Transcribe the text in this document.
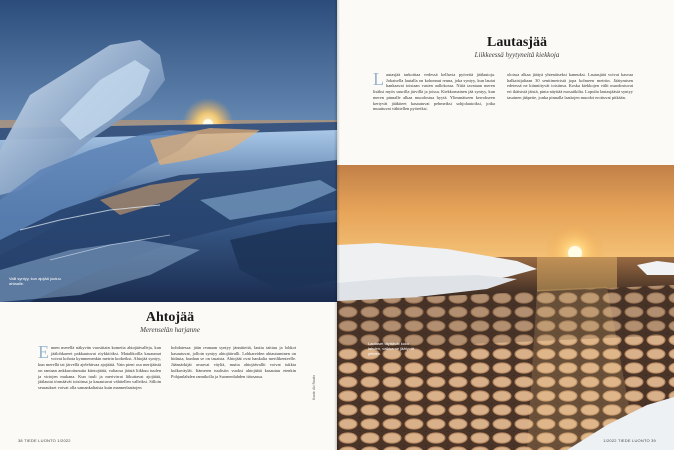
Valli syntyy, kun ajojää joutuu ahtaalle.
Ahtojää
Merenselän harjanne
Ennen merellä näkyvän vuosittain komeita ahtojäävalleja, kun jäälohkareet pakkautuvat röykkiöiksi. Matalikoilla kasaumat voivat kohota kymmenenkin metrin korkeiksi. Ahtojää syntyy, kun merellä tai järvellä ajelehtivaa ajojäätä. Vain pieni osa merijäästä on rantaan ankkuroitunutta kiintojäätä, valtaosa jäästä liikkuu tuulen ja virtojen mukana. Kun tuuli ja merivirrat liikuttavat ajojäätä, jäälautat törmäävät toisiinsa ja kasautuvat vähitellen valleiksi. Silloin seuraukset voivat olla samankaltaisia kuin mannerlaattojen
kohdatessa: jään reunaan syntyy jännitteitä, lautta taittuu ja lohkot kasautuvat, jolloin syntyy ahtojäävalli. Lohkareiden ahtautuminen on hidasta, kunhan se on tasaista. Ahtojäät ovat hankalia merilikenteelle. Jäänsärkijät avaavat väyliä, mutta ahtojäävallit voivat tukkia kulkuväylät. Itämeren tuulisiin vuoksi ahtojäätä kasautuu etenkin Pohjanlahden rannikolla ja Suomenlahden itäosassa.	Kuvat: Aki Rautio
38 TIEDE LUONTO 1/2022
Lautasjää
Liikkeessä hyytyneitä kiekkoja
Lautasjää tarkoittaa vedessä kelluvia pyöreitä jäälautoja. Jokaisella lautalla on kohonnut reuna, joka syntyy, kun lautat hankaavat toisiaan vasten aallokossa. Niitä tavataan meren lisäksi myös suurilla järvillä ja joissa. Kiekkomainen jää syntyy, kun meren pinnalle alkaa muodostua hyytä. Ylimmäiseen kerrokseen kertyvät jääkiteet kasautuvat pehmeiksi sohjolautoiksi, jotka muuttuvat vähitellen pyöreiksi.
oloissa alkaa jäätyä yhtenäiseksi kannuksi. Lautasjäät voivat kasvaa halkaisijaltaan 30 senttimetristä jopa kolmeen metriin. Jäätymisen edetessä ne kiinnittyvät toisiinsa. Koska kiekkojen välit muodostuvat eri ikäisistä jäistä, pinta näyttää mosaiikilta. Lopulta lautasjäästä syntyy tasainen jääpeite, jonka pinnalla laattojen muodot erottuvat pitkään.
Lautaset täyttävät koko lahden, vaikka ne jäätyvät yhteen.
1/2022 TIEDE LUONTO 39
